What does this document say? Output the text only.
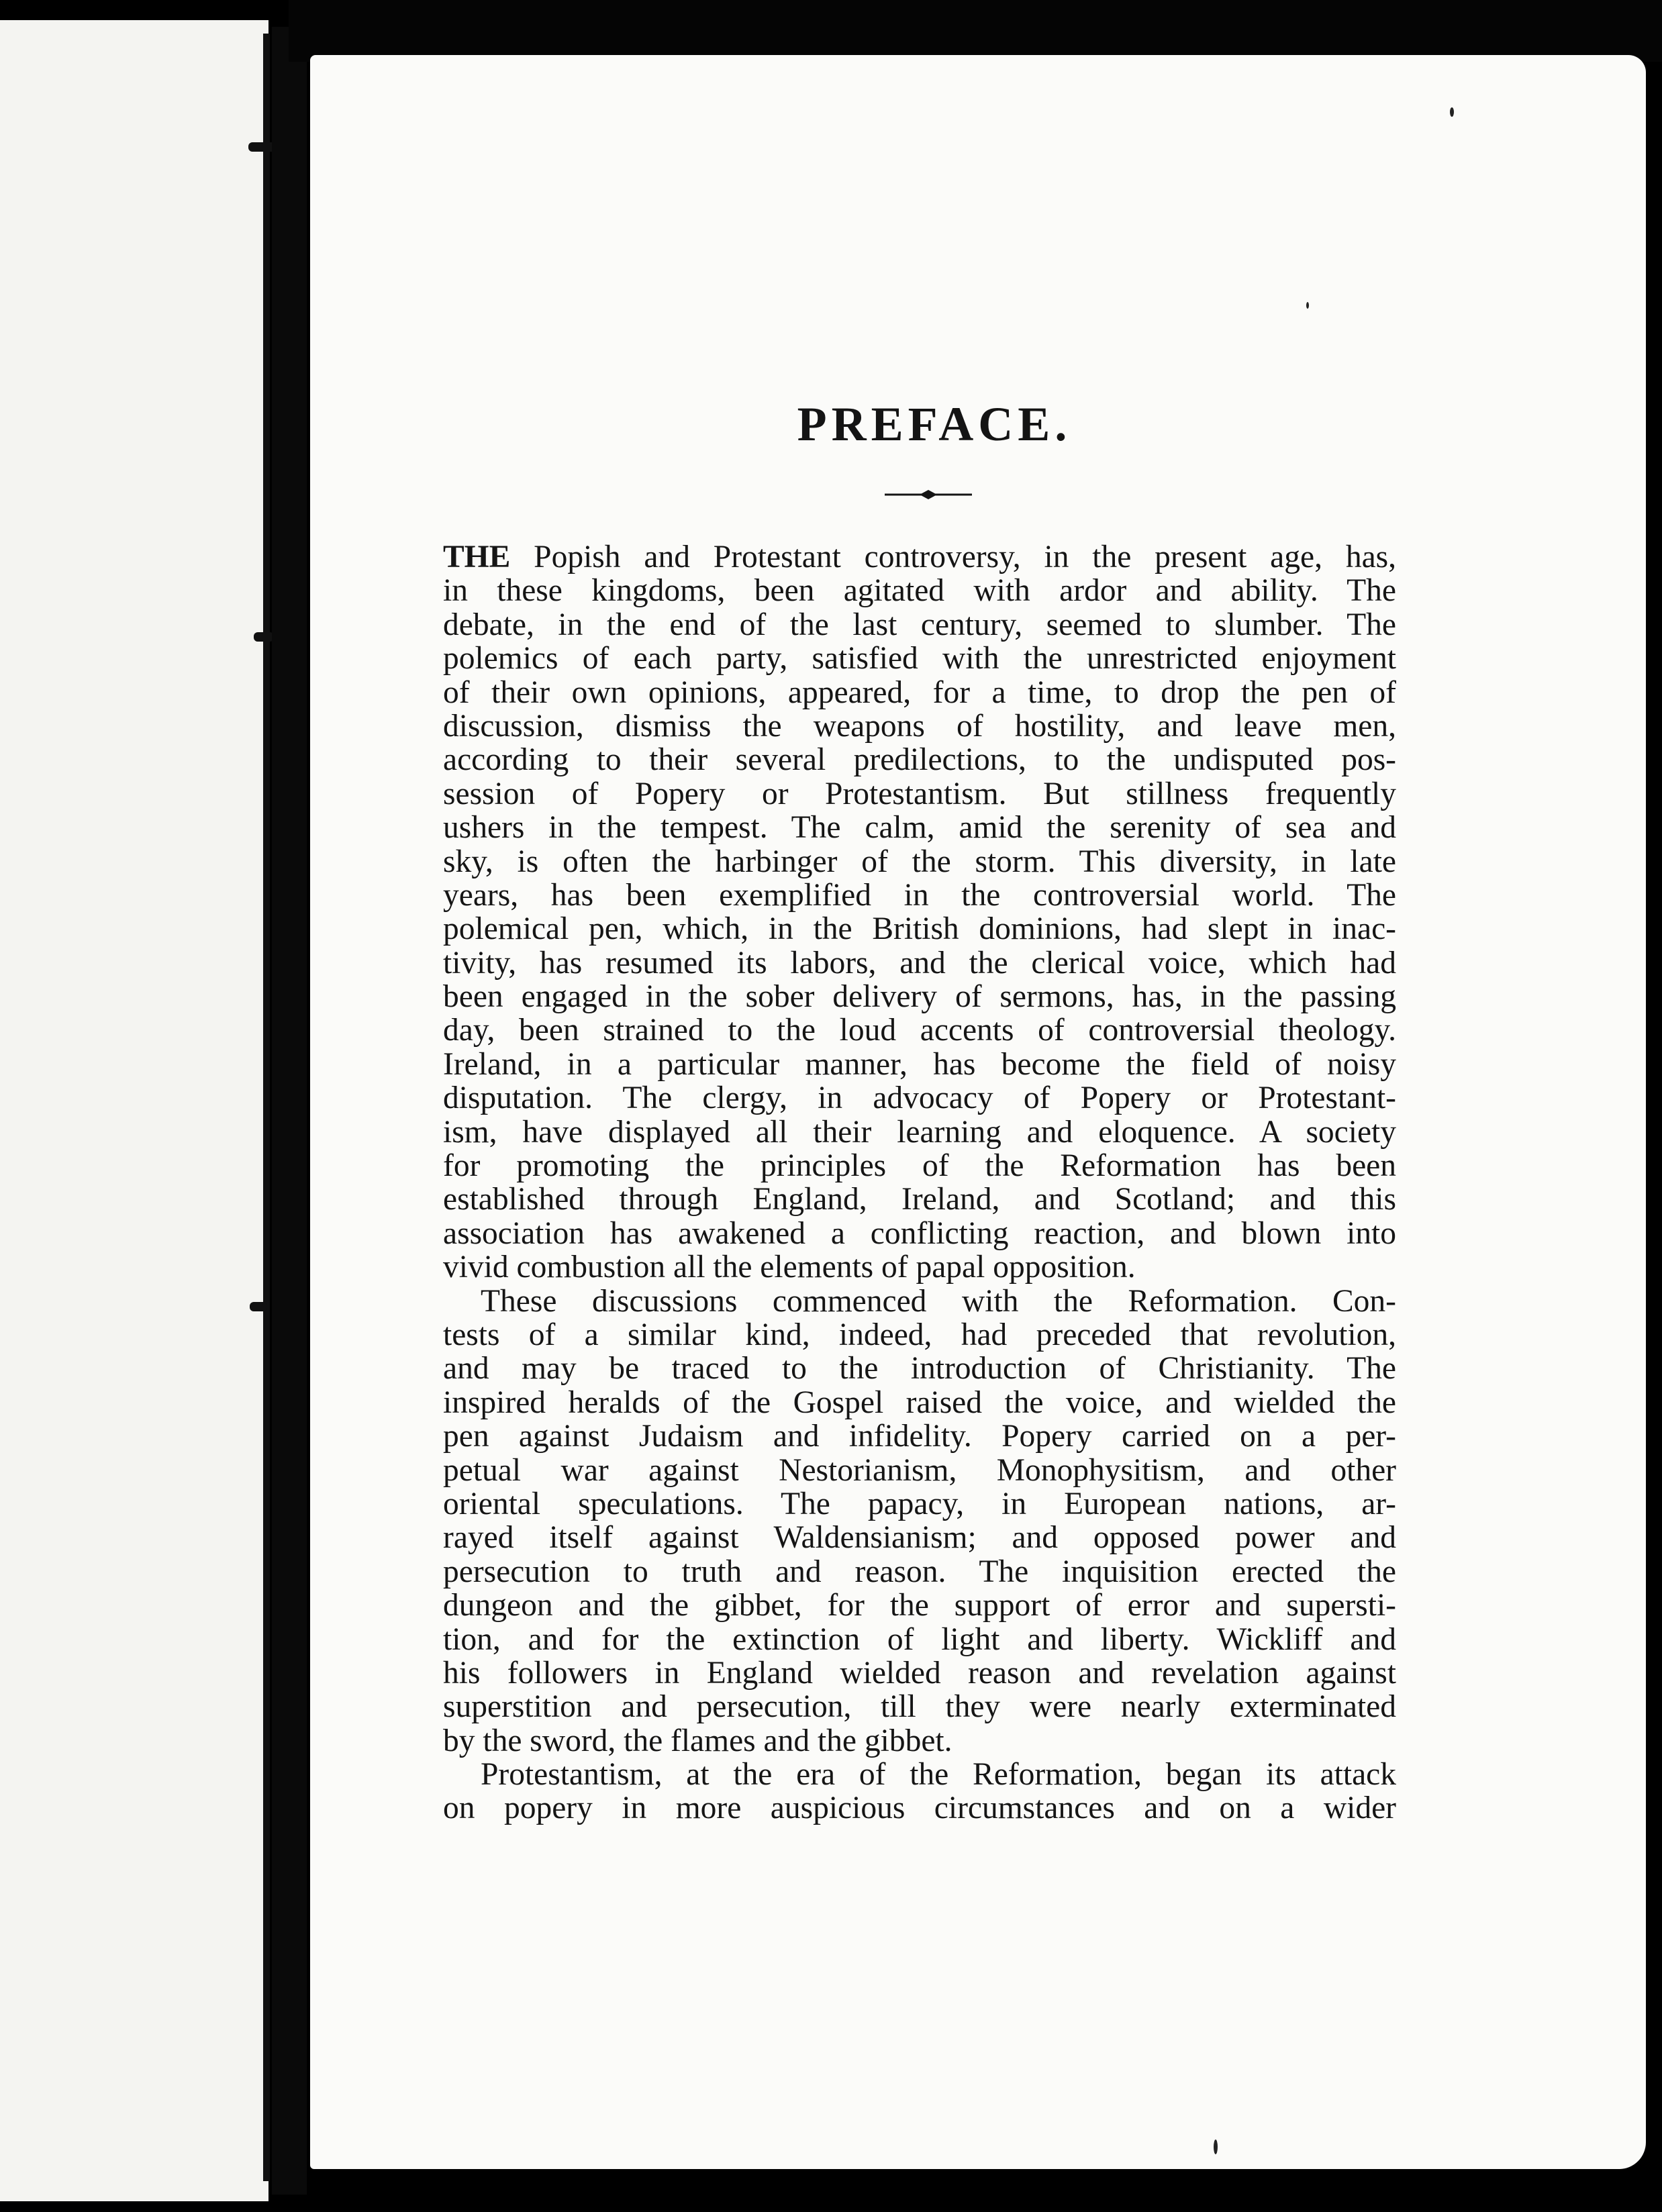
PREFACE.
THE Popish and Protestant controversy, in the present age, has,
in these kingdoms, been agitated with ardor and ability. The
debate, in the end of the last century, seemed to slumber. The
polemics of each party, satisfied with the unrestricted enjoyment
of their own opinions, appeared, for a time, to drop the pen of
discussion, dismiss the weapons of hostility, and leave men,
according to their several predilections, to the undisputed pos-
session of Popery or Protestantism. But stillness frequently
ushers in the tempest. The calm, amid the serenity of sea and
sky, is often the harbinger of the storm. This diversity, in late
years, has been exemplified in the controversial world. The
polemical pen, which, in the British dominions, had slept in inac-
tivity, has resumed its labors, and the clerical voice, which had
been engaged in the sober delivery of sermons, has, in the passing
day, been strained to the loud accents of controversial theology.
Ireland, in a particular manner, has become the field of noisy
disputation. The clergy, in advocacy of Popery or Protestant-
ism, have displayed all their learning and eloquence. A society
for promoting the principles of the Reformation has been
established through England, Ireland, and Scotland; and this
association has awakened a conflicting reaction, and blown into
vivid combustion all the elements of papal opposition.
These discussions commenced with the Reformation. Con-
tests of a similar kind, indeed, had preceded that revolution,
and may be traced to the introduction of Christianity. The
inspired heralds of the Gospel raised the voice, and wielded the
pen against Judaism and infidelity. Popery carried on a per-
petual war against Nestorianism, Monophysitism, and other
oriental speculations. The papacy, in European nations, ar-
rayed itself against Waldensianism; and opposed power and
persecution to truth and reason. The inquisition erected the
dungeon and the gibbet, for the support of error and supersti-
tion, and for the extinction of light and liberty. Wickliff and
his followers in England wielded reason and revelation against
superstition and persecution, till they were nearly exterminated
by the sword, the flames and the gibbet.
Protestantism, at the era of the Reformation, began its attack
on popery in more auspicious circumstances and on a wider
